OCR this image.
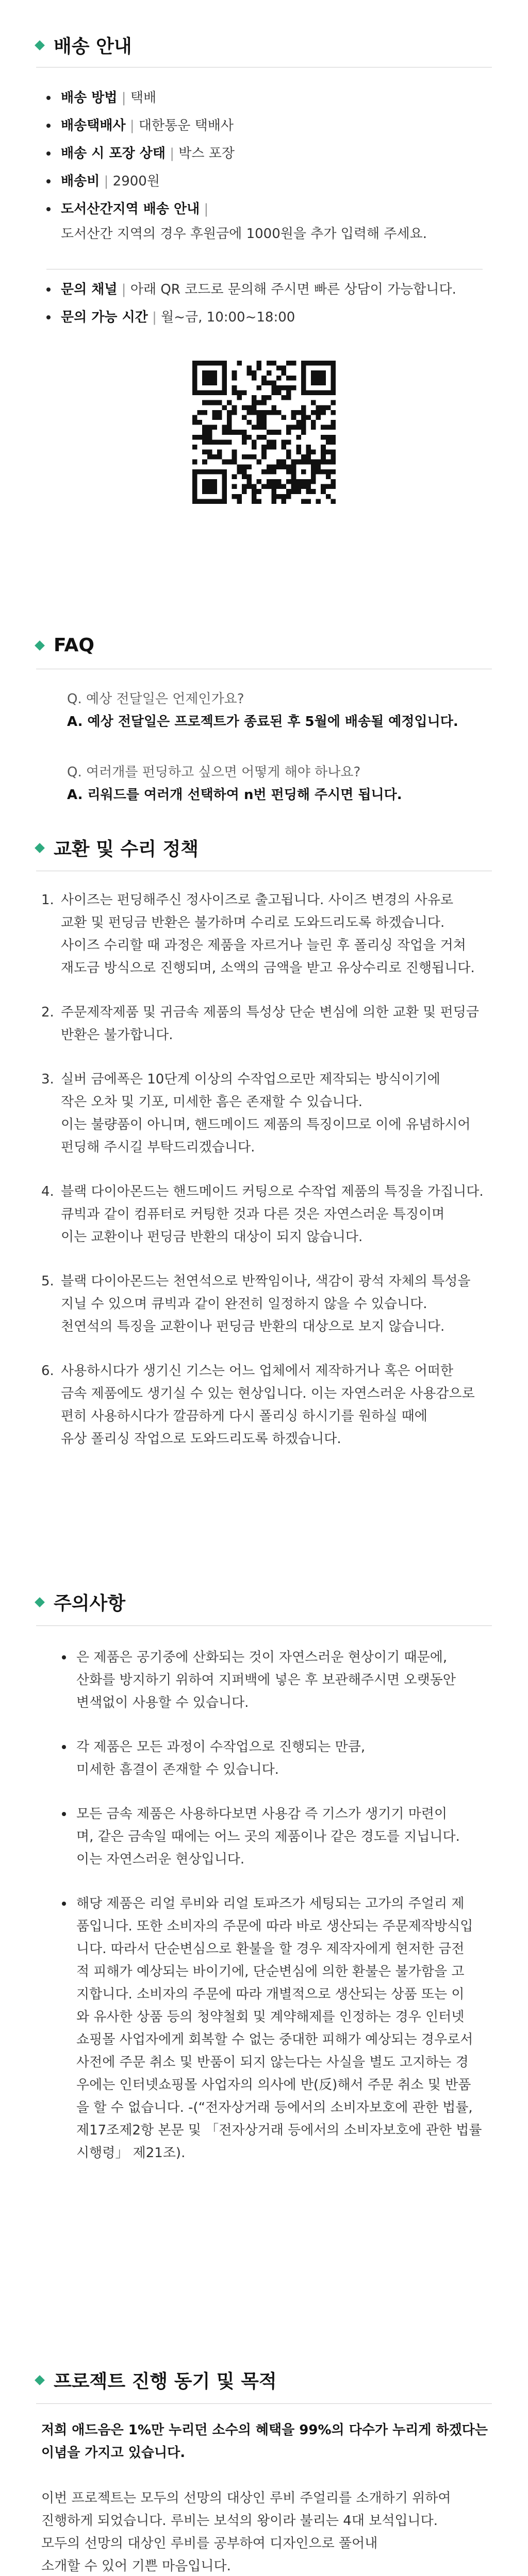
배송 안내
배송 방법 | 택배
배송택배사 | 대한통운 택배사
배송 시 포장 상태 | 박스 포장
배송비 | 2900원
도서산간지역 배송 안내 |
도서산간 지역의 경우 후원금에 1000원을 추가 입력해 주세요.
문의 채널 | 아래 QR 코드로 문의해 주시면 빠른 상담이 가능합니다.
문의 가능 시간 | 월~금, 10:00~18:00
FAQ
Q. 예상 전달일은 언제인가요?
A. 예상 전달일은 프로젝트가 종료된 후 5월에 배송될 예정입니다.
Q. 여러개를 펀딩하고 싶으면 어떻게 해야 하나요?
A. 리워드를 여러개 선택하여 n번 펀딩해 주시면 됩니다.
교환 및 수리 정책
1. 사이즈는 펀딩해주신 정사이즈로 출고됩니다. 사이즈 변경의 사유로
교환 및 펀딩금 반환은 불가하며 수리로 도와드리도록 하겠습니다.
사이즈 수리할 때 과정은 제품을 자르거나 늘린 후 폴리싱 작업을 거쳐
재도금 방식으로 진행되며, 소액의 금액을 받고 유상수리로 진행됩니다.
2. 주문제작제품 및 귀금속 제품의 특성상 단순 변심에 의한 교환 및 펀딩금
반환은 불가합니다.
3. 실버 금에폭은 10단계 이상의 수작업으로만 제작되는 방식이기에
작은 오차 및 기포, 미세한 흠은 존재할 수 있습니다.
이는 불량품이 아니며, 핸드메이드 제품의 특징이므로 이에 유념하시어
펀딩해 주시길 부탁드리겠습니다.
4. 블랙 다이아몬드는 핸드메이드 커팅으로 수작업 제품의 특징을 가집니다.
큐빅과 같이 컴퓨터로 커팅한 것과 다른 것은 자연스러운 특징이며
이는 교환이나 펀딩금 반환의 대상이 되지 않습니다.
5. 블랙 다이아몬드는 천연석으로 반짝임이나, 색감이 광석 자체의 특성을
지닐 수 있으며 큐빅과 같이 완전히 일정하지 않을 수 있습니다.
천연석의 특징을 교환이나 펀딩금 반환의 대상으로 보지 않습니다.
6. 사용하시다가 생기신 기스는 어느 업체에서 제작하거나 혹은 어떠한
금속 제품에도 생기실 수 있는 현상입니다. 이는 자연스러운 사용감으로
편히 사용하시다가 깔끔하게 다시 폴리싱 하시기를 원하실 때에
유상 폴리싱 작업으로 도와드리도록 하겠습니다.
주의사항
은 제품은 공기중에 산화되는 것이 자연스러운 현상이기 때문에,
산화를 방지하기 위하여 지퍼백에 넣은 후 보관해주시면 오랫동안
변색없이 사용할 수 있습니다.
각 제품은 모든 과정이 수작업으로 진행되는 만큼,
미세한 흠결이 존재할 수 있습니다.
모든 금속 제품은 사용하다보면 사용감 즉 기스가 생기기 마련이
며, 같은 금속일 때에는 어느 곳의 제품이나 같은 경도를 지닙니다.
이는 자연스러운 현상입니다.
해당 제품은 리얼 루비와 리얼 토파즈가 세팅되는 고가의 주얼리 제
품입니다. 또한 소비자의 주문에 따라 바로 생산되는 주문제작방식입
니다. 따라서 단순변심으로 환불을 할 경우 제작자에게 현저한 금전
적 피해가 예상되는 바이기에, 단순변심에 의한 환불은 불가함을 고
지합니다. 소비자의 주문에 따라 개별적으로 생산되는 상품 또는 이
와 유사한 상품 등의 청약철회 및 계약해제를 인정하는 경우 인터넷
쇼핑몰 사업자에게 회복할 수 없는 중대한 피해가 예상되는 경우로서
사전에 주문 취소 및 반품이 되지 않는다는 사실을 별도 고지하는 경
우에는 인터넷쇼핑몰 사업자의 의사에 반(反)해서 주문 취소 및 반품
을 할 수 없습니다. -(“전자상거래 등에서의 소비자보호에 관한 법률,
제17조제2항 본문 및 「전자상거래 등에서의 소비자보호에 관한 법률
시행령」 제21조).
프로젝트 진행 동기 및 목적
저희 애드음은 1%만 누리던 소수의 혜택을 99%의 다수가 누리게 하겠다는
이념을 가지고 있습니다.
이번 프로젝트는 모두의 선망의 대상인 루비 주얼리를 소개하기 위하여
진행하게 되었습니다. 루비는 보석의 왕이라 불리는 4대 보석입니다.
모두의 선망의 대상인 루비를 공부하여 디자인으로 풀어내
소개할 수 있어 기쁜 마음입니다.
